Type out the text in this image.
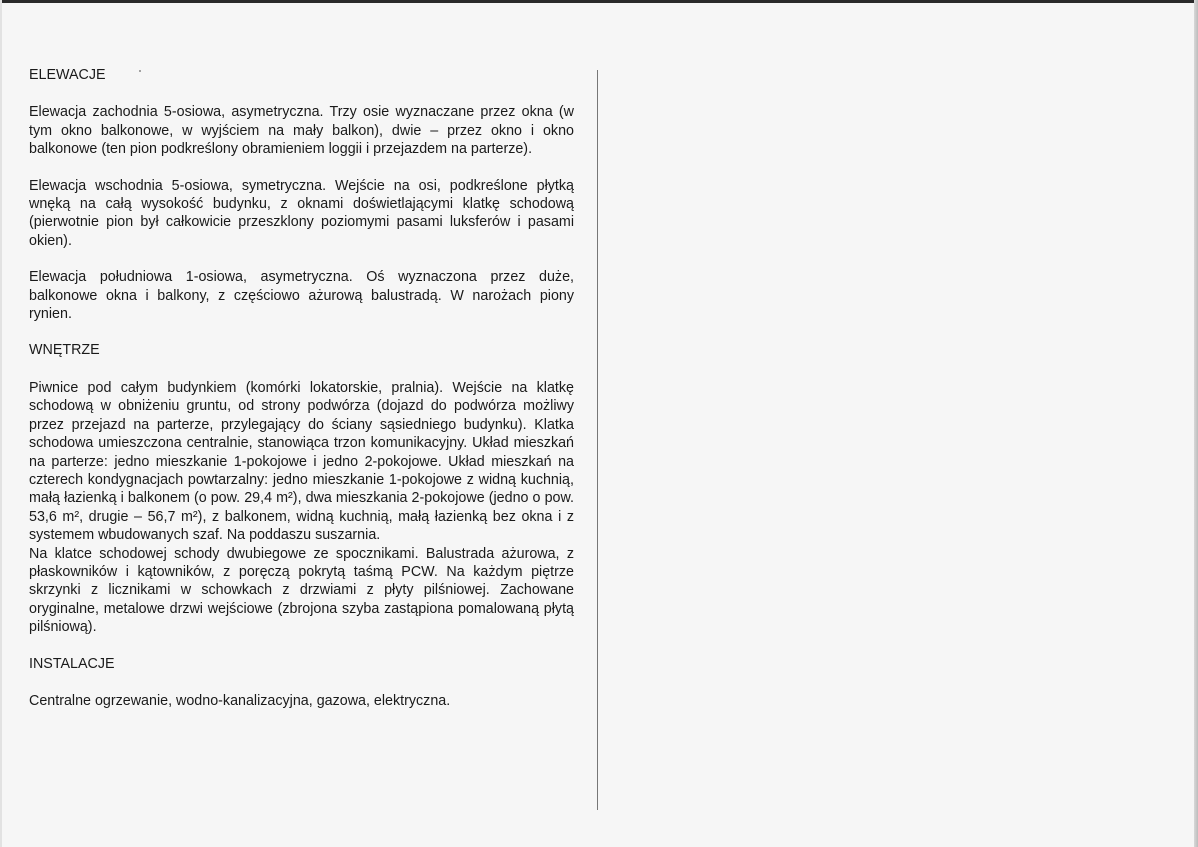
ELEWACJE

Elewacja zachodnia 5-osiowa, asymetryczna. Trzy osie wyznaczane przez okna (w tym okno balkonowe, w wyjściem na mały balkon), dwie – przez okno i okno balkonowe (ten pion podkreślony obramieniem loggii i przejazdem na parterze).

Elewacja wschodnia 5-osiowa, symetryczna. Wejście na osi, podkreślone płytką wnęką na całą wysokość budynku, z oknami doświetlającymi klatkę schodową (pierwotnie pion był całkowicie przeszklony poziomymi pasami luksferów i pasami okien).

Elewacja południowa 1-osiowa, asymetryczna. Oś wyznaczona przez duże, balkonowe okna i balkony, z częściowo ażurową balustradą. W narożach piony rynien.

WNĘTRZE

Piwnice pod całym budynkiem (komórki lokatorskie, pralnia). Wejście na klatkę schodową w obniżeniu gruntu, od strony podwórza (dojazd do podwórza możliwy przez przejazd na parterze, przylegający do ściany sąsiedniego budynku). Klatka schodowa umieszczona centralnie, stanowiąca trzon komunikacyjny. Układ mieszkań na parterze: jedno mieszkanie 1-pokojowe i jedno 2-pokojowe. Układ mieszkań na czterech kondygnacjach powtarzalny: jedno mieszkanie 1-pokojowe z widną kuchnią, małą łazienką i balkonem (o pow. 29,4 m²), dwa mieszkania 2-pokojowe (jedno o pow. 53,6 m², drugie – 56,7 m²), z balkonem, widną kuchnią, małą łazienką bez okna i z systemem wbudowanych szaf. Na poddaszu suszarnia.

Na klatce schodowej schody dwubiegowe ze spocznikami. Balustrada ażurowa, z płaskowników i kątowników, z poręczą pokrytą taśmą PCW. Na każdym piętrze skrzynki z licznikami w schowkach z drzwiami z płyty pilśniowej. Zachowane oryginalne, metalowe drzwi wejściowe (zbrojona szyba zastąpiona pomalowaną płytą pilśniową).

INSTALACJE

Centralne ogrzewanie, wodno-kanalizacyjna, gazowa, elektryczna.
